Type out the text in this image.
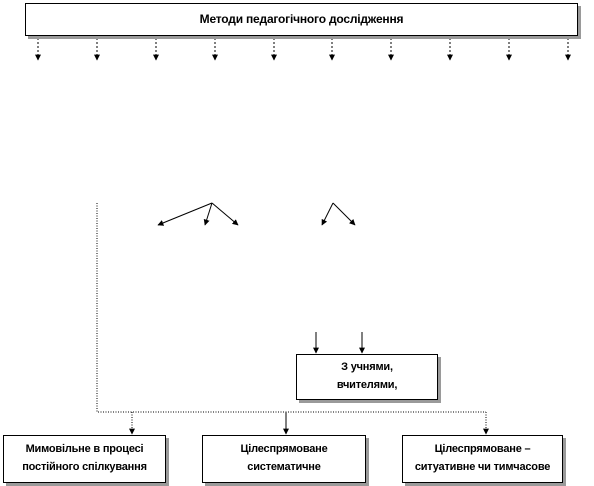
Методи педагогічного дослідження
З учнями,
вчителями,
Мимовільне в процесі
постійного спілкування
Цілеспрямоване
систематичне
Цілеспрямоване –
ситуативне чи тимчасове
